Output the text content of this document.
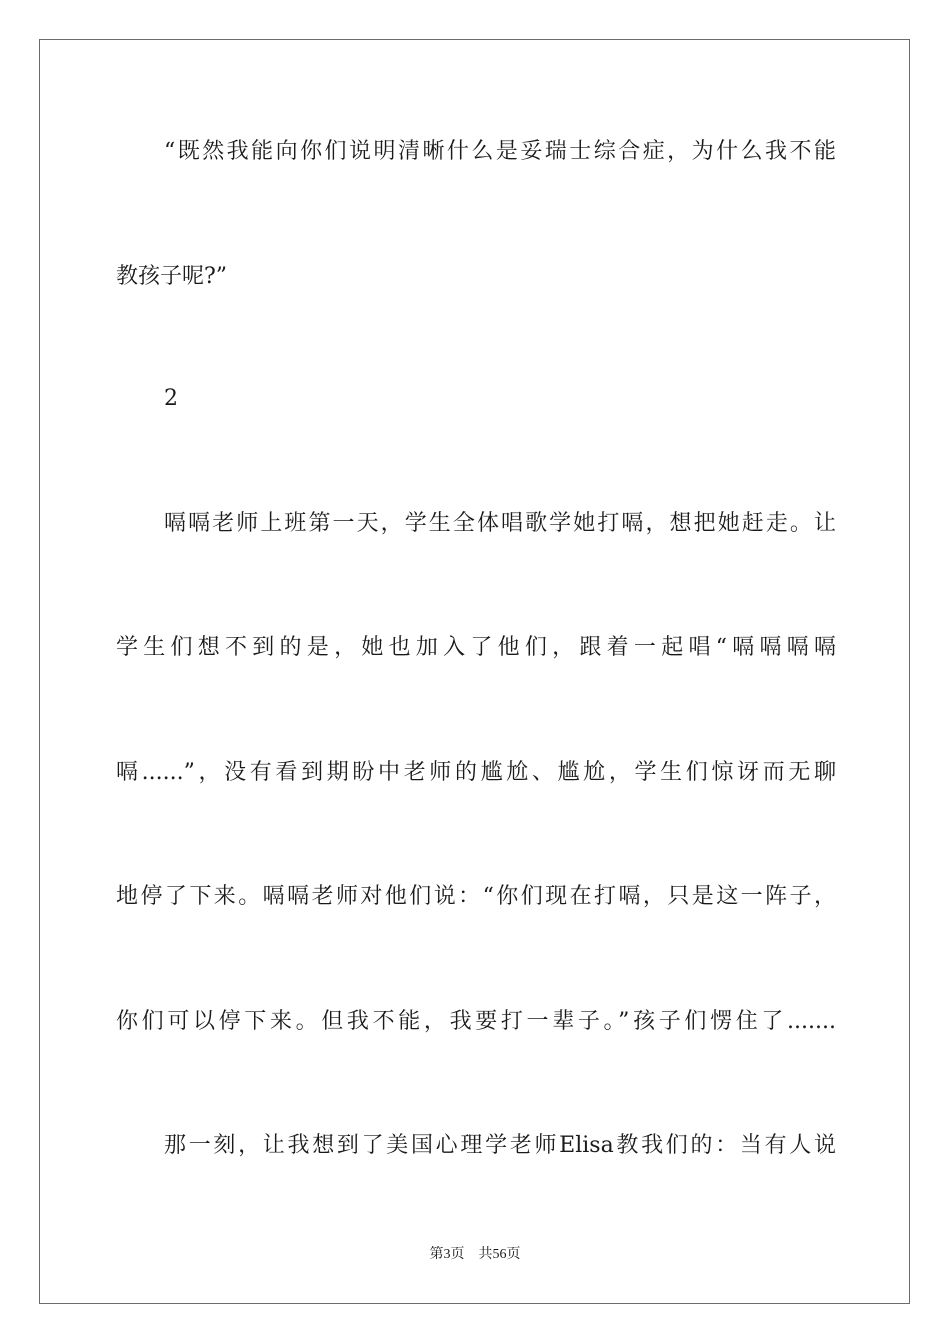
“既然我能向你们说明清晰什么是妥瑞士综合症，为什么我不能
教孩子呢?”
2
嗝嗝老师上班第一天，学生全体唱歌学她打嗝，想把她赶走。让
学生们想不到的是，她也加入了他们，跟着一起唱“嗝嗝嗝嗝
嗝......”，没有看到期盼中老师的尴尬、尴尬，学生们惊讶而无聊
地停了下来。嗝嗝老师对他们说：“你们现在打嗝，只是这一阵子，
你们可以停下来。但我不能，我要打一辈子。”孩子们愣住了.......
那一刻，让我想到了美国心理学老师Elisa教我们的：当有人说
第3页 共56页
